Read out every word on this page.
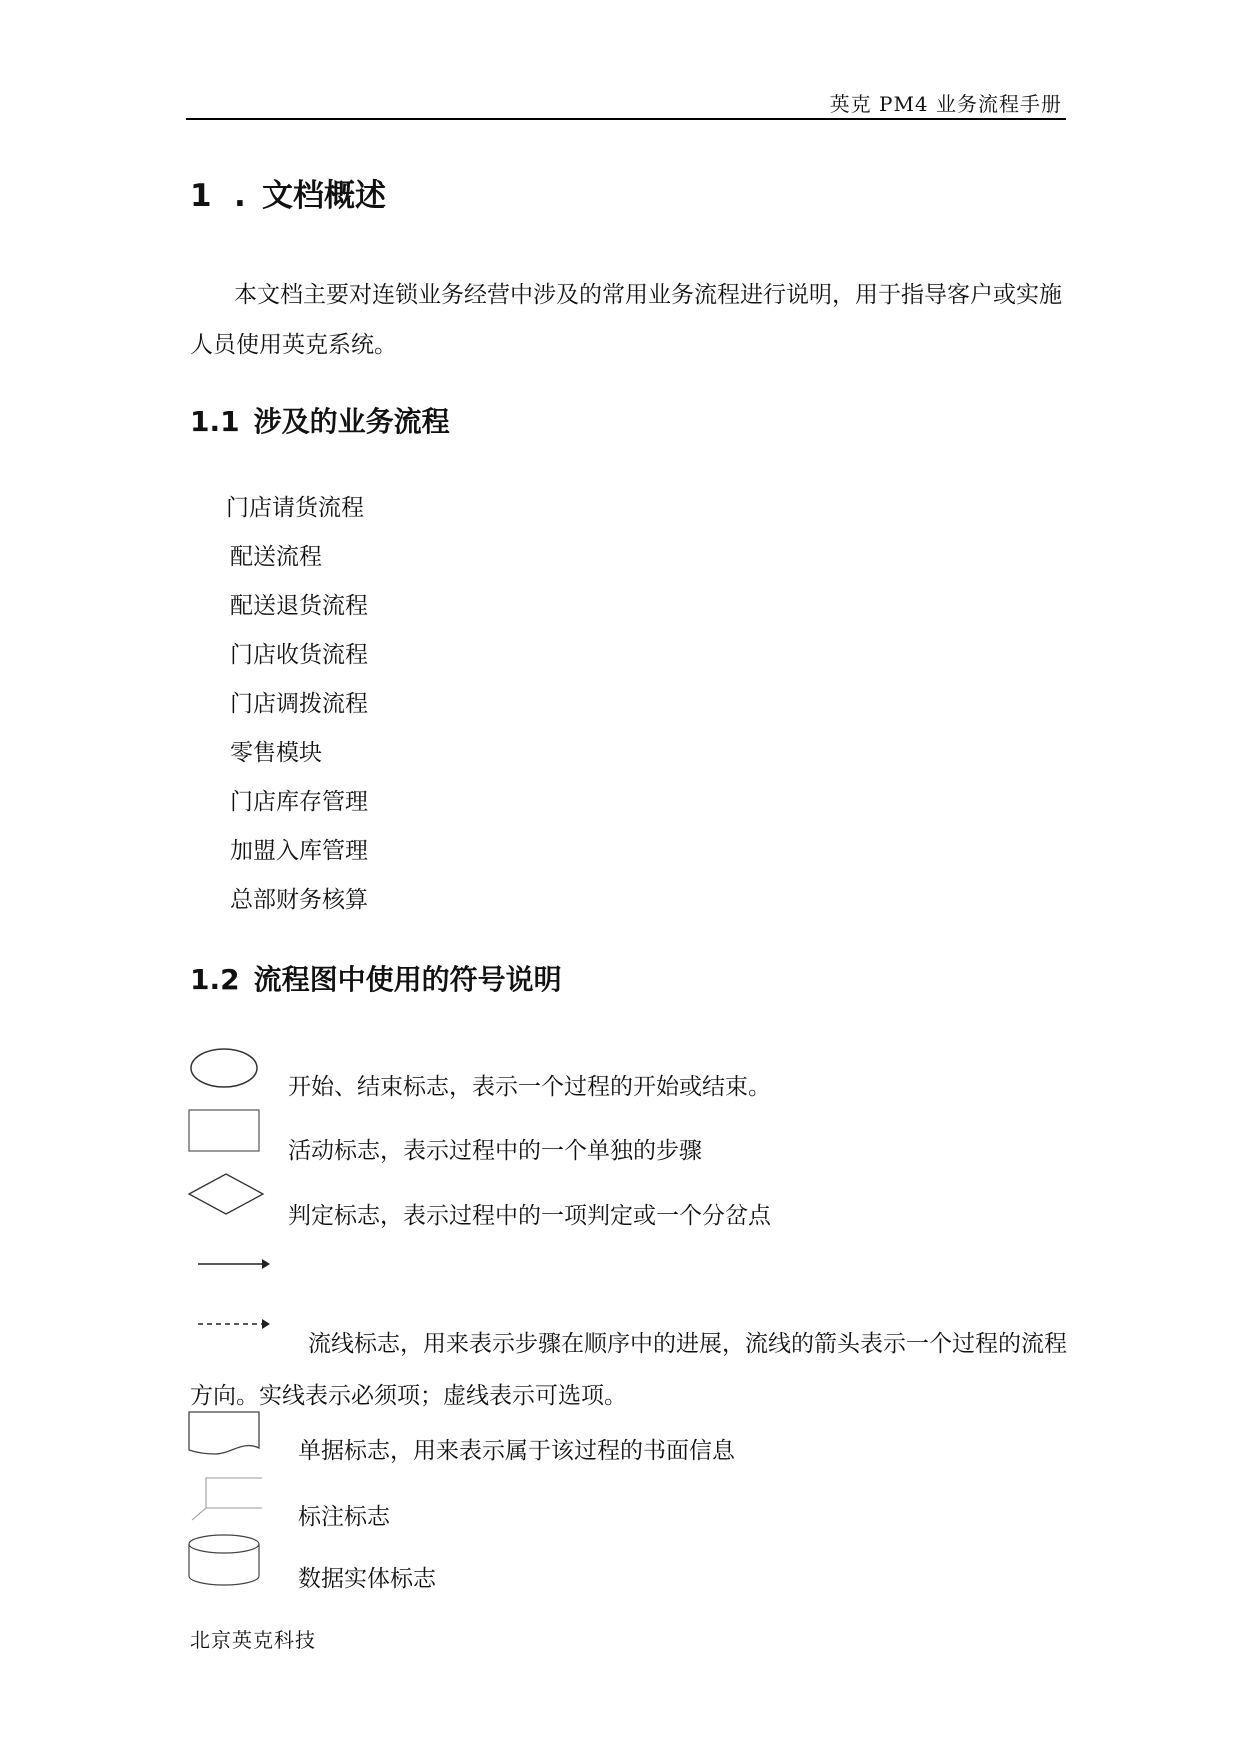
英克 PM4 业务流程手册
1 . 文档概述
本文档主要对连锁业务经营中涉及的常用业务流程进行说明，用于指导客户或实施人员使用英克系统。
1.1 涉及的业务流程
门店请货流程
配送流程
配送退货流程
门店收货流程
门店调拨流程
零售模块
门店库存管理
加盟入库管理
总部财务核算
1.2 流程图中使用的符号说明
开始、结束标志，表示一个过程的开始或结束。
活动标志，表示过程中的一个单独的步骤
判定标志，表示过程中的一项判定或一个分岔点
流线标志，用来表示步骤在顺序中的进展，流线的箭头表示一个过程的流程方向。实线表示必须项；虚线表示可选项。
单据标志，用来表示属于该过程的书面信息
标注标志
数据实体标志
北京英克科技
